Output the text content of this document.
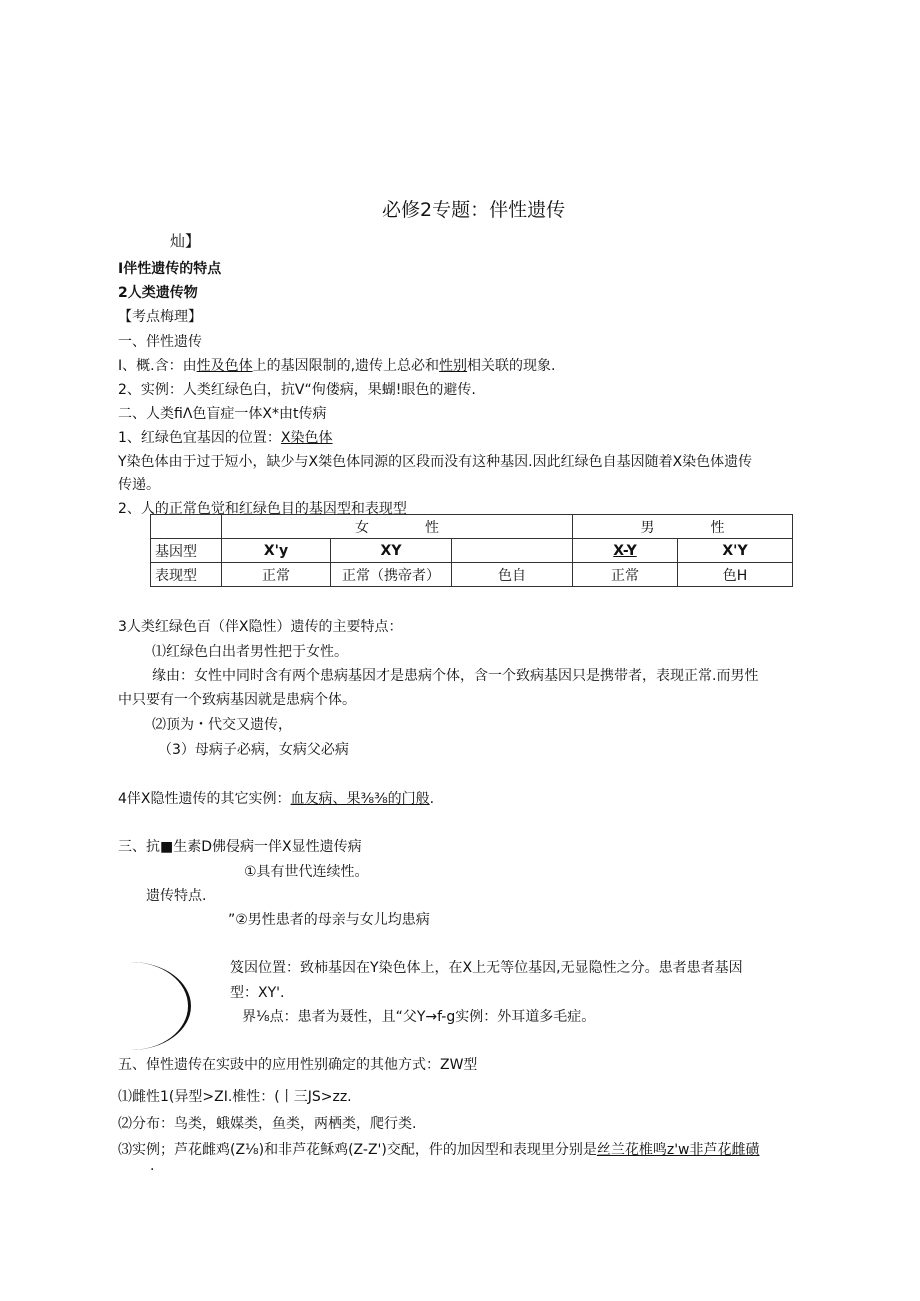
必修2专题：伴性遗传
灿】
I伴性遗传的特点
2人类遗传物
【考点梅理】
一、伴性遗传
I、概.含：由性及色体上的基因限制的,遗传上总必和性别相关联的现象.
2、实例：人类红绿色白，抗V“佝偻病，果蝴!眼色的避传.
二、人类fiΛ色盲症一体X*由t传病
1、红绿色宜基因的位置：X染色体
Y染色体由于过于短小，缺少与X桀色体同源的区段而没有这种基因.因此红绿色自基因随着X染色体遗传
传递。
2、人的正常色觉和红绿色目的基因型和表现型
	女　　　　性			男　　　　性	
基因型	X'y	XY		X-Y	X'Y
表现型	正常	正常（携帝者）	色自	正常	色H
3人类红绿色百（伴X隐性）遗传的主要特点：
⑴红绿色白出者男性把于女性。
缘由：女性中同时含有两个患病基因才是患病个体，含一个致病基因只是携带者，表现正常.而男性
中只要有一个致病基因就是患病个体。
⑵顶为・代交又遗传，
（3）母病子必病，女病父必病
4伴X隐性遗传的其它实例：血友病、果⅜⅜的门般.
三、抗■生素D佛侵病一伴X显性遗传病
①具有世代连续性。
遗传特点.
”②男性患者的母亲与女儿均患病
笈因位置：致柿基因在Y染色体上，在X上无等位基因,无显隐性之分。患者患者基因
型：XY'.
界⅛点：患者为聂性，且“父Y→f-g实例：外耳道多毛症。
五、倬性遗传在实豉中的应用性别确定的其他方式：ZW型
⑴雌性1(异型>ZI.椎性：(丨三JS>zz.
⑵分布：鸟类，蛾媒类，鱼类，两栖类，爬行类.
⑶实例；芦花雌鸡(Z⅛)和非芦花稣鸡(Z-Z')交配，件的加因型和表现里分别是丝兰花椎鸣z'w非芦花雌磺
.
